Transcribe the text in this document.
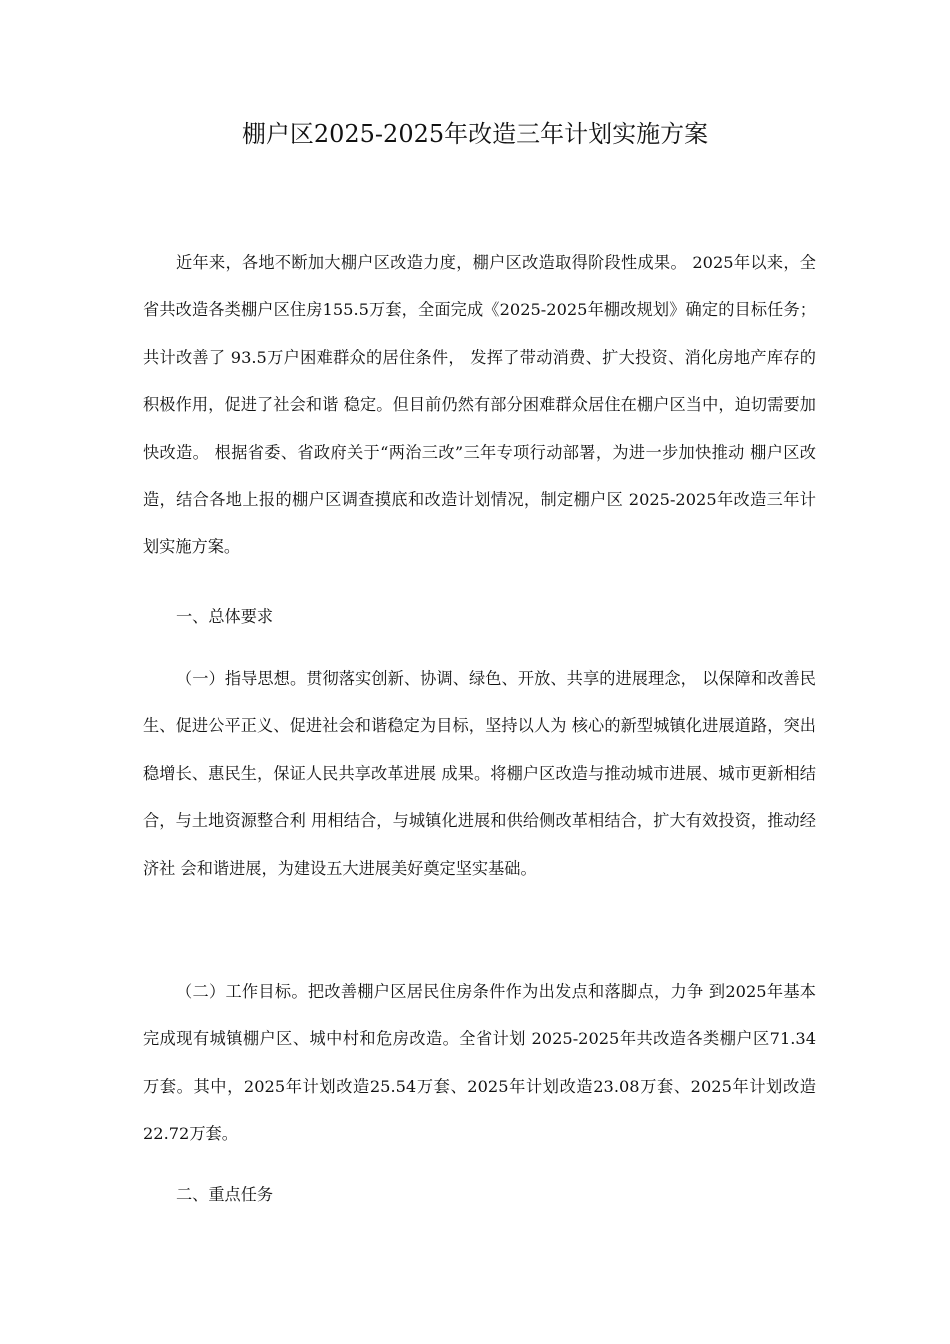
棚户区2025-2025年改造三年计划实施方案

近年来，各地不断加大棚户区改造力度，棚户区改造取得阶段性成果。 2025年以来，全省共改造各类棚户区住房155.5万套，全面完成《2025-2025年棚改规划》确定的目标任务；共计改善了 93.5万户困难群众的居住条件， 发挥了带动消费、扩大投资、消化房地产库存的积极作用，促进了社会和谐 稳定。但目前仍然有部分困难群众居住在棚户区当中，迫切需要加快改造。 根据省委、省政府关于“两治三改”三年专项行动部署，为进一步加快推动 棚户区改造，结合各地上报的棚户区调查摸底和改造计划情况，制定棚户区 2025-2025年改造三年计划实施方案。

一、总体要求

（一）指导思想。贯彻落实创新、协调、绿色、开放、共享的进展理念， 以保障和改善民生、促进公平正义、促进社会和谐稳定为目标，坚持以人为 核心的新型城镇化进展道路，突出稳增长、惠民生，保证人民共享改革进展 成果。将棚户区改造与推动城市进展、城市更新相结合，与土地资源整合利 用相结合，与城镇化进展和供给侧改革相结合，扩大有效投资，推动经济社 会和谐进展，为建设五大进展美好奠定坚实基础。

（二）工作目标。把改善棚户区居民住房条件作为出发点和落脚点，力争 到2025年基本完成现有城镇棚户区、城中村和危房改造。全省计划 2025-2025年共改造各类棚户区71.34万套。其中，2025年计划改造25.54万套、2025年计划改造23.08万套、2025年计划改造22.72万套。

二、重点任务
